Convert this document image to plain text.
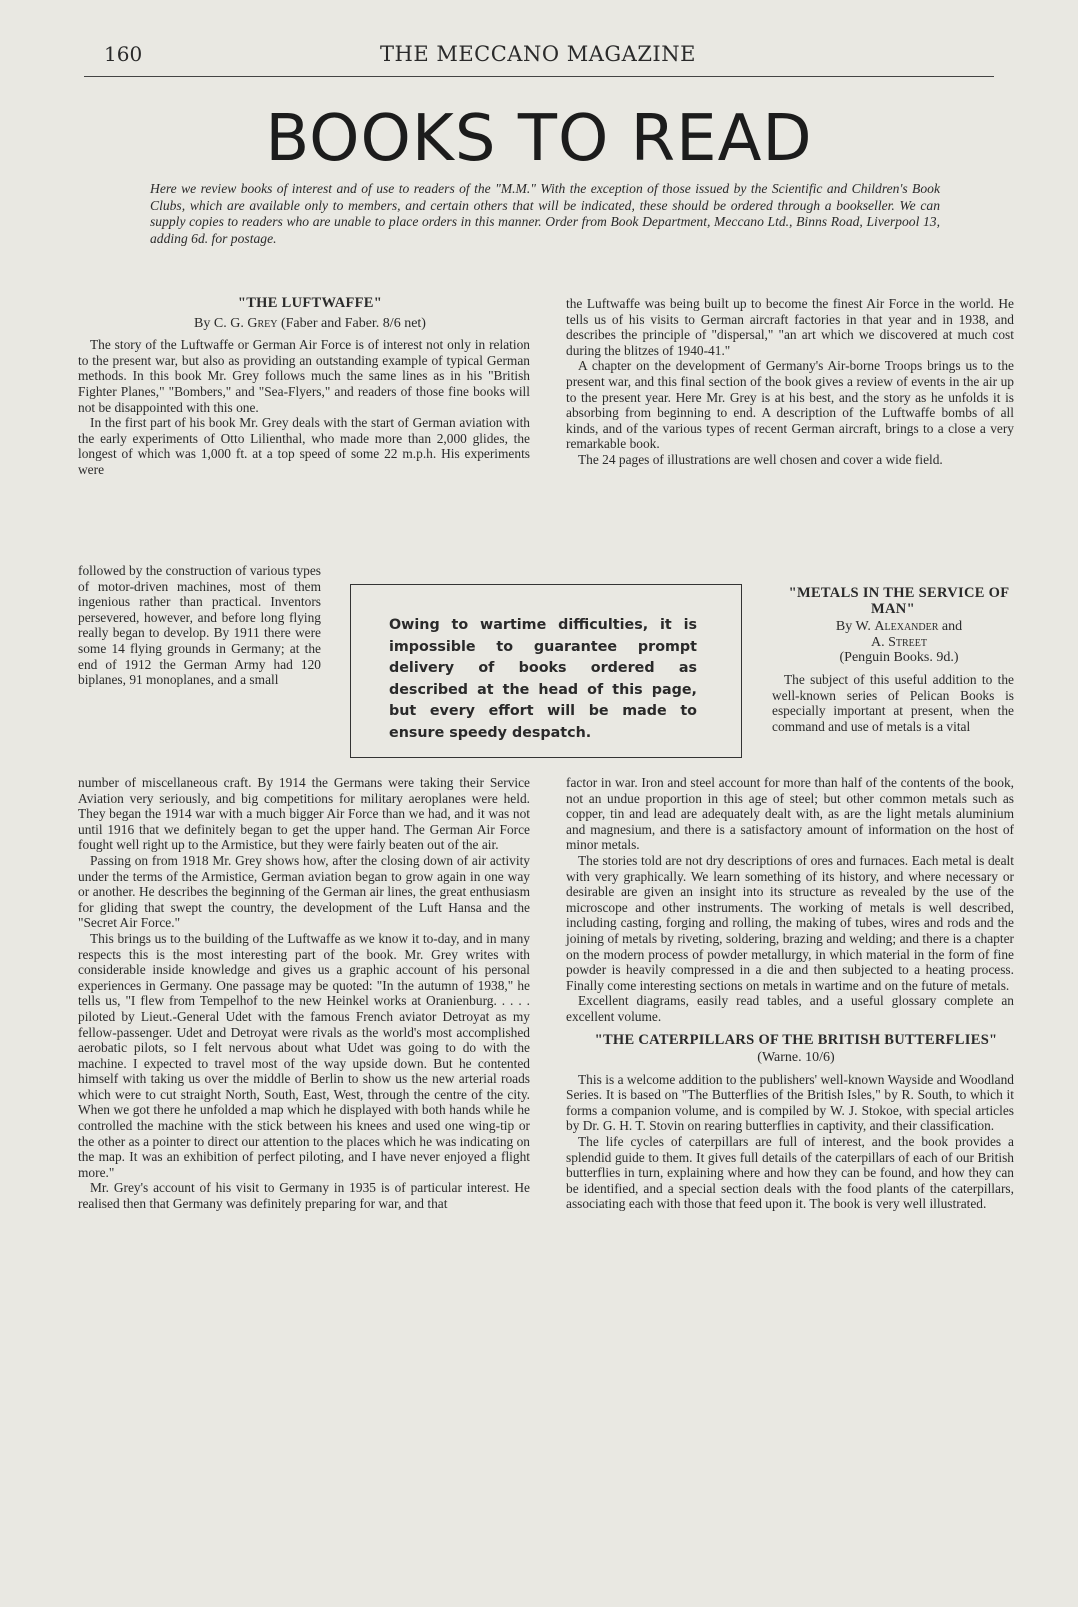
160	THE MECCANO MAGAZINE
BOOKS TO READ
Here we review books of interest and of use to readers of the "M.M." With the exception of those issued by the Scientific and Children's Book Clubs, which are available only to members, and certain others that will be indicated, these should be ordered through a bookseller. We can supply copies to readers who are unable to place orders in this manner. Order from Book Department, Meccano Ltd., Binns Road, Liverpool 13, adding 6d. for postage.

"THE LUFTWAFFE"

By C. G. Grey (Faber and Faber. 8/6 net)

The story of the Luftwaffe or German Air Force is of interest not only in relation to the present war, but also as providing an outstanding example of typical German methods. In this book Mr. Grey follows much the same lines as in his "British Fighter Planes," "Bombers," and "Sea-Flyers," and readers of those fine books will not be disappointed with this one.

In the first part of his book Mr. Grey deals with the start of German aviation with the early experiments of Otto Lilienthal, who made more than 2,000 glides, the longest of which was 1,000 ft. at a top speed of some 22 m.p.h. His experiments were

followed by the construction of various types of motor-driven machines, most of them ingenious rather than practical. Inventors persevered, however, and before long flying really began to develop. By 1911 there were some 14 flying grounds in Germany; at the end of 1912 the German Army had 120 biplanes, 91 monoplanes, and a small

number of miscellaneous craft. By 1914 the Germans were taking their Service Aviation very seriously, and big competitions for military aeroplanes were held. They began the 1914 war with a much bigger Air Force than we had, and it was not until 1916 that we definitely began to get the upper hand. The German Air Force fought well right up to the Armistice, but they were fairly beaten out of the air.

Passing on from 1918 Mr. Grey shows how, after the closing down of air activity under the terms of the Armistice, German aviation began to grow again in one way or another. He describes the beginning of the German air lines, the great enthusiasm for gliding that swept the country, the development of the Luft Hansa and the "Secret Air Force."

This brings us to the building of the Luftwaffe as we know it to-day, and in many respects this is the most interesting part of the book. Mr. Grey writes with considerable inside knowledge and gives us a graphic account of his personal experiences in Germany. One passage may be quoted: "In the autumn of 1938," he tells us, "I flew from Tempelhof to the new Heinkel works at Oranienburg. . . . . piloted by Lieut.-General Udet with the famous French aviator Detroyat as my fellow-passenger. Udet and Detroyat were rivals as the world's most accomplished aerobatic pilots, so I felt nervous about what Udet was going to do with the machine. I expected to travel most of the way upside down. But he contented himself with taking us over the middle of Berlin to show us the new arterial roads which were to cut straight North, South, East, West, through the centre of the city. When we got there he unfolded a map which he displayed with both hands while he controlled the machine with the stick between his knees and used one wing-tip or the other as a pointer to direct our attention to the places which he was indicating on the map. It was an exhibition of perfect piloting, and I have never enjoyed a flight more."

Mr. Grey's account of his visit to Germany in 1935 is of particular interest. He realised then that Germany was definitely preparing for war, and that

the Luftwaffe was being built up to become the finest Air Force in the world. He tells us of his visits to German aircraft factories in that year and in 1938, and describes the principle of "dispersal," "an art which we discovered at much cost during the blitzes of 1940-41."

A chapter on the development of Germany's Air-borne Troops brings us to the present war, and this final section of the book gives a review of events in the air up to the present year. Here Mr. Grey is at his best, and the story as he unfolds it is absorbing from beginning to end. A description of the Luftwaffe bombs of all kinds, and of the various types of recent German aircraft, brings to a close a very remarkable book.

The 24 pages of illustrations are well chosen and cover a wide field.

"METALS IN THE SERVICE OF MAN"

By W. Alexander and

A. Street

(Penguin Books. 9d.)

The subject of this useful addition to the well-known series of Pelican Books is especially important at present, when the command and use of metals is a vital

factor in war. Iron and steel account for more than half of the contents of the book, not an undue proportion in this age of steel; but other common metals such as copper, tin and lead are adequately dealt with, as are the light metals aluminium and magnesium, and there is a satisfactory amount of information on the host of minor metals.

The stories told are not dry descriptions of ores and furnaces. Each metal is dealt with very graphically. We learn something of its history, and where necessary or desirable are given an insight into its structure as revealed by the use of the microscope and other instruments. The working of metals is well described, including casting, forging and rolling, the making of tubes, wires and rods and the joining of metals by riveting, soldering, brazing and welding; and there is a chapter on the modern process of powder metallurgy, in which material in the form of fine powder is heavily compressed in a die and then subjected to a heating process. Finally come interesting sections on metals in wartime and on the future of metals.

Excellent diagrams, easily read tables, and a useful glossary complete an excellent volume.

"THE CATERPILLARS OF THE BRITISH BUTTERFLIES"

(Warne. 10/6)

This is a welcome addition to the publishers' well-known Wayside and Woodland Series. It is based on "The Butterflies of the British Isles," by R. South, to which it forms a companion volume, and is compiled by W. J. Stokoe, with special articles by Dr. G. H. T. Stovin on rearing butterflies in captivity, and their classification.

The life cycles of caterpillars are full of interest, and the book provides a splendid guide to them. It gives full details of the caterpillars of each of our British butterflies in turn, explaining where and how they can be found, and how they can be identified, and a special section deals with the food plants of the caterpillars, associating each with those that feed upon it. The book is very well illustrated.

Owing to wartime difficulties, it is impossible to guarantee prompt delivery of books ordered as described at the head of this page, but every effort will be made to ensure speedy despatch.
